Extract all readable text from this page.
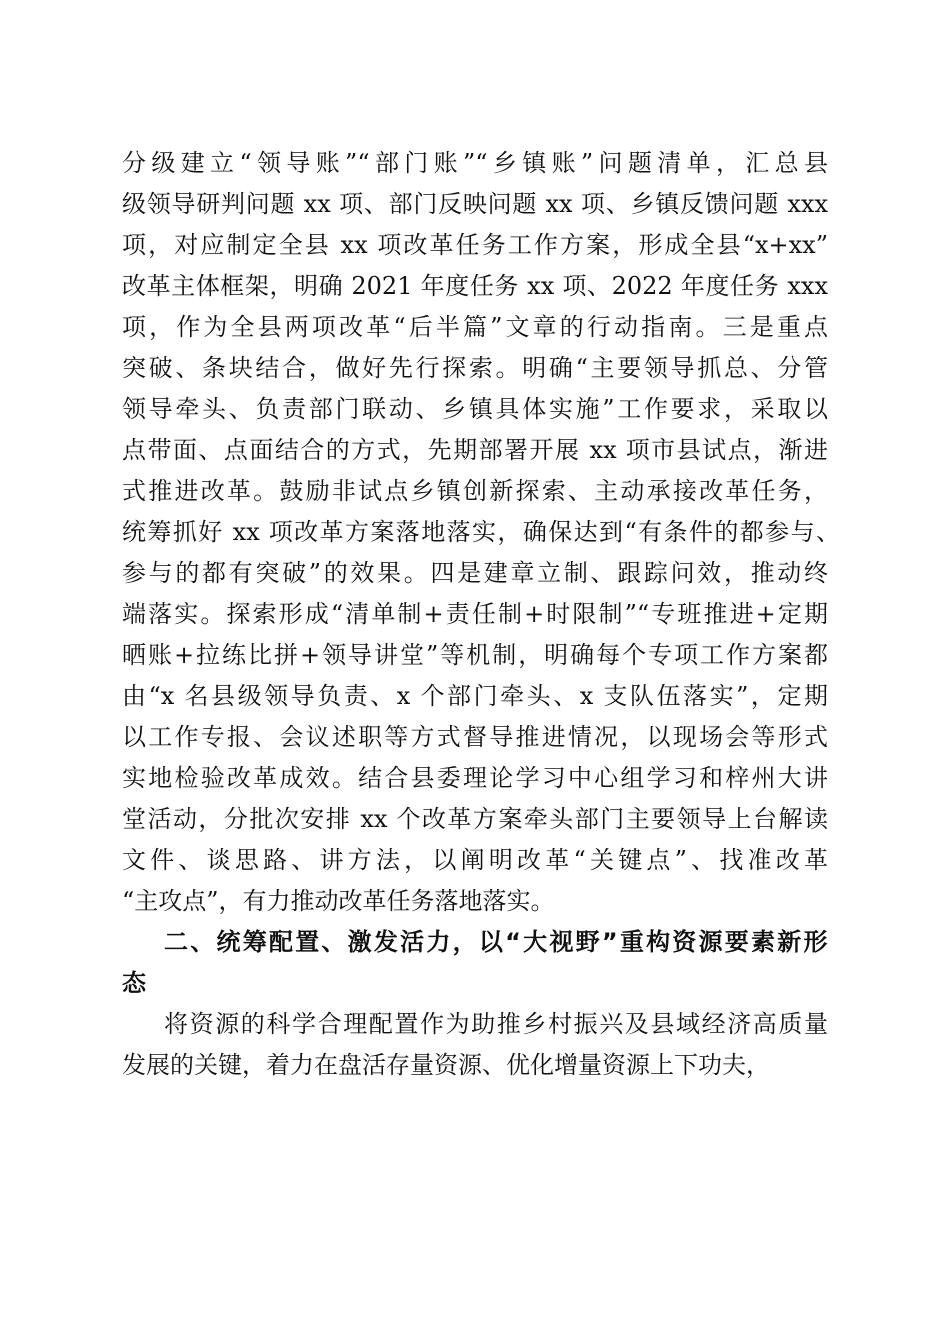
分级建立“领导账”“部门账”“乡镇账”问题清单，汇总县
级领导研判问题 xx 项、部门反映问题 xx 项、乡镇反馈问题 xxx
项，对应制定全县 xx 项改革任务工作方案，形成全县“x+xx”
改革主体框架，明确 2021 年度任务 xx 项、2022 年度任务 xxx
项，作为全县两项改革“后半篇”文章的行动指南。三是重点
突破、条块结合，做好先行探索。明确“主要领导抓总、分管
领导牵头、负责部门联动、乡镇具体实施”工作要求，采取以
点带面、点面结合的方式，先期部署开展 xx 项市县试点，渐进
式推进改革。鼓励非试点乡镇创新探索、主动承接改革任务，
统筹抓好 xx 项改革方案落地落实，确保达到“有条件的都参与、
参与的都有突破”的效果。四是建章立制、跟踪问效，推动终
端落实。探索形成“清单制+责任制+时限制”“专班推进+定期
晒账+拉练比拼+领导讲堂”等机制，明确每个专项工作方案都
由“x 名县级领导负责、x 个部门牵头、x 支队伍落实”，定期
以工作专报、会议述职等方式督导推进情况，以现场会等形式
实地检验改革成效。结合县委理论学习中心组学习和梓州大讲
堂活动，分批次安排 xx 个改革方案牵头部门主要领导上台解读
文件、谈思路、讲方法，以阐明改革“关键点”、找准改革
“主攻点”，有力推动改革任务落地落实。
二、统筹配置、激发活力，以“大视野”重构资源要素新形
态
将资源的科学合理配置作为助推乡村振兴及县域经济高质量
发展的关键，着力在盘活存量资源、优化增量资源上下功夫，
